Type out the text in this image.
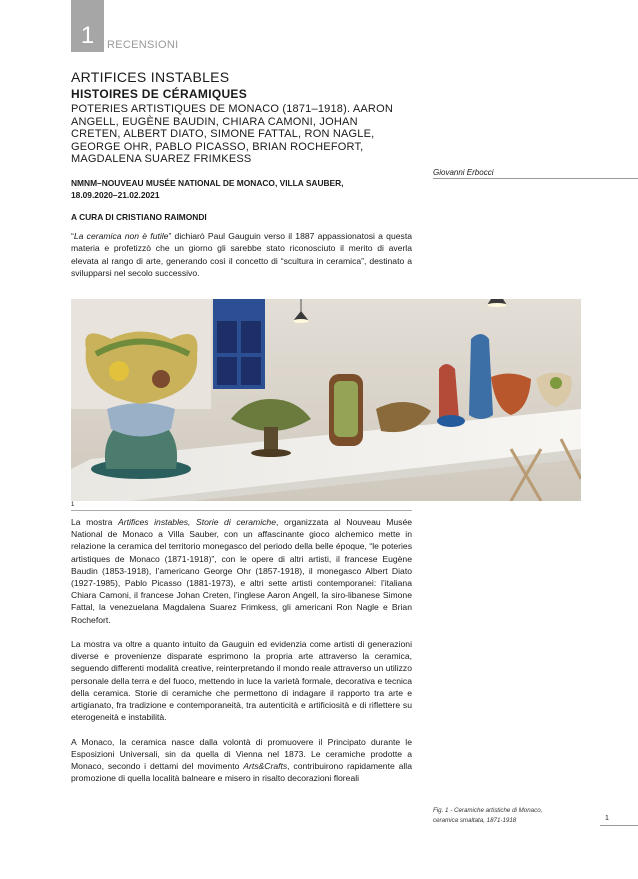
1 RECENSIONI
ARTIFICES INSTABLES
HISTOIRES DE CÉRAMIQUES

POTERIES ARTISTIQUES DE MONACO (1871–1918). AARON ANGELL, EUGÈNE BAUDIN, CHIARA CAMONI, JOHAN CRETEN, ALBERT DIATO, SIMONE FATTAL, RON NAGLE, GEORGE OHR, PABLO PICASSO, BRIAN ROCHEFORT, MAGDALENA SUAREZ FRIMKESS

NMNM–NOUVEAU MUSÉE NATIONAL DE MONACO, VILLA SAUBER,
18.09.2020–21.02.2021
A CURA DI CRISTIANO RAIMONDI
Giovanni Erbocci

“La ceramica non è futile” dichiarò Paul Gauguin verso il 1887 appassionatosi a questa materia e profetizzò che un giorno gli sarebbe stato riconosciuto il merito di averla elevata al rango di arte, generando così il concetto di “scultura in ceramica”, destinato a svilupparsi nel secolo successivo.

1

La mostra Artifices instables, Storie di ceramiche, organizzata al Nouveau Musée National de Monaco a Villa Sauber, con un affascinante gioco alchemico mette in relazione la ceramica del territorio monegasco del periodo della belle époque, “le poteries artistiques de Monaco (1871-1918)”, con le opere di altri artisti, il francese Eugène Baudin (1853-1918), l’americano George Ohr (1857-1918), il monegasco Albert Diato (1927-1985), Pablo Picasso (1881-1973), e altri sette artisti contemporanei: l’italiana Chiara Camoni, il francese Johan Creten, l’inglese Aaron Angell, la siro-libanese Simone Fattal, la venezuelana Magdalena Suarez Frimkess, gli americani Ron Nagle e Brian Rochefort.

La mostra va oltre a quanto intuito da Gauguin ed evidenzia come artisti di generazioni diverse e provenienze disparate esprimono la propria arte attraverso la ceramica, seguendo differenti modalità creative, reinterpretando il mondo reale attraverso un utilizzo personale della terra e del fuoco, mettendo in luce la varietà formale, decorativa e tecnica della ceramica. Storie di ceramiche che permettono di indagare il rapporto tra arte e artigianato, fra tradizione e contemporaneità, tra autenticità e artificiosità e di riflettere su eterogeneità e instabilità.

A Monaco, la ceramica nasce dalla volontà di promuovere il Principato durante le Esposizioni Universali, sin da quella di Vienna nel 1873. Le ceramiche prodotte a Monaco, secondo i dettami del movimento Arts&Crafts, contribuirono rapidamente alla promozione di quella località balneare e misero in risalto decorazioni floreali

Fig. 1 - Ceramiche artistiche di Monaco,
ceramica smaltata, 1871-1918	1
